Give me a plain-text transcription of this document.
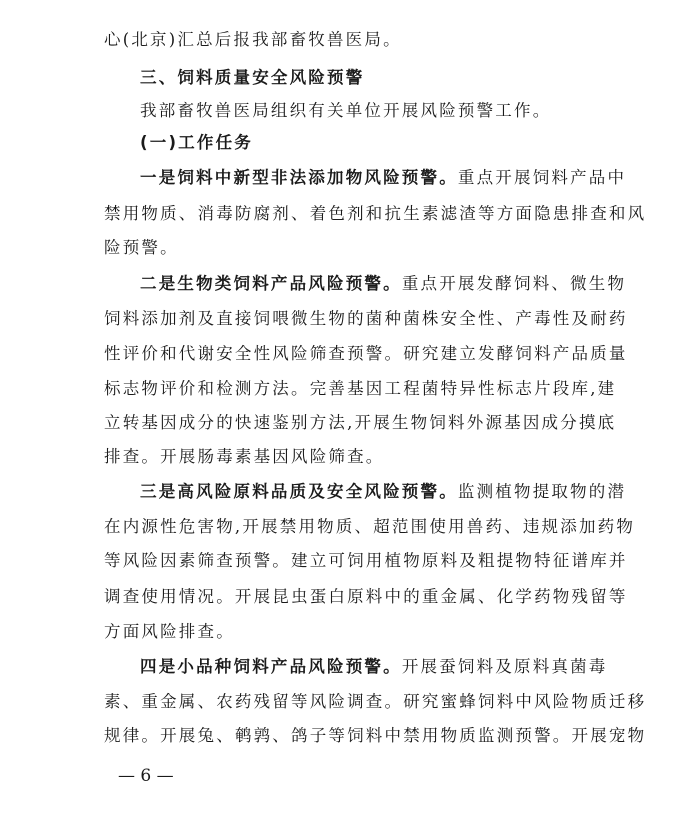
心(北京)汇总后报我部畜牧兽医局。
三、饲料质量安全风险预警
我部畜牧兽医局组织有关单位开展风险预警工作。
(一)工作任务
一是饲料中新型非法添加物风险预警。重点开展饲料产品中
禁用物质、消毒防腐剂、着色剂和抗生素滤渣等方面隐患排查和风
险预警。
二是生物类饲料产品风险预警。重点开展发酵饲料、微生物
饲料添加剂及直接饲喂微生物的菌种菌株安全性、产毒性及耐药
性评价和代谢安全性风险筛查预警。研究建立发酵饲料产品质量
标志物评价和检测方法。完善基因工程菌特异性标志片段库,建
立转基因成分的快速鉴别方法,开展生物饲料外源基因成分摸底
排查。开展肠毒素基因风险筛查。
三是高风险原料品质及安全风险预警。监测植物提取物的潜
在内源性危害物,开展禁用物质、超范围使用兽药、违规添加药物
等风险因素筛查预警。建立可饲用植物原料及粗提物特征谱库并
调查使用情况。开展昆虫蛋白原料中的重金属、化学药物残留等
方面风险排查。
四是小品种饲料产品风险预警。开展蚕饲料及原料真菌毒
素、重金属、农药残留等风险调查。研究蜜蜂饲料中风险物质迁移
规律。开展兔、鹌鹑、鸽子等饲料中禁用物质监测预警。开展宠物
— 6 —
